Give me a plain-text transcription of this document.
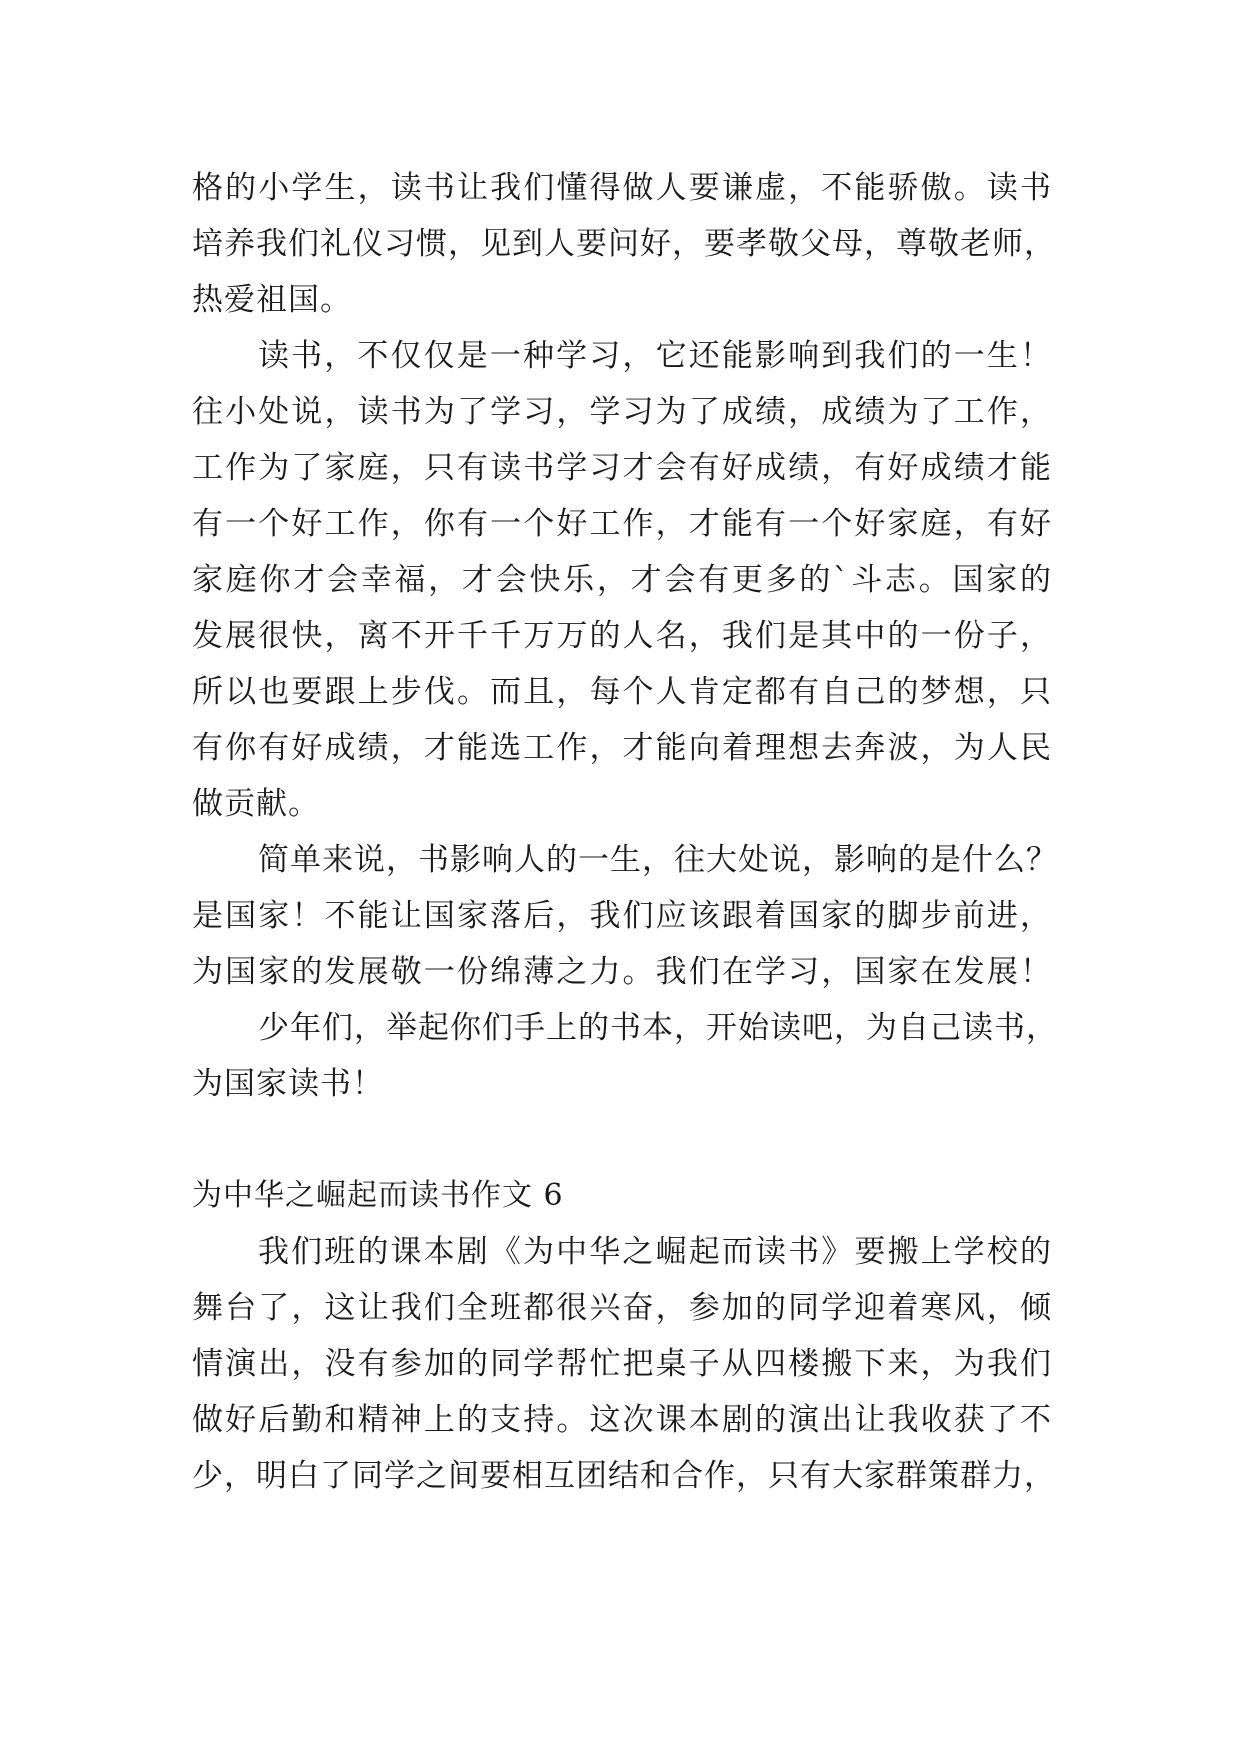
格的小学生，读书让我们懂得做人要谦虚，不能骄傲。读书
培养我们礼仪习惯，见到人要问好，要孝敬父母，尊敬老师，
热爱祖国。
读书，不仅仅是一种学习，它还能影响到我们的一生！
往小处说，读书为了学习，学习为了成绩，成绩为了工作，
工作为了家庭，只有读书学习才会有好成绩，有好成绩才能
有一个好工作，你有一个好工作，才能有一个好家庭，有好
家庭你才会幸福，才会快乐，才会有更多的`斗志。国家的
发展很快，离不开千千万万的人名，我们是其中的一份子，
所以也要跟上步伐。而且，每个人肯定都有自己的梦想，只
有你有好成绩，才能选工作，才能向着理想去奔波，为人民
做贡献。
简单来说，书影响人的一生，往大处说，影响的是什么？
是国家！不能让国家落后，我们应该跟着国家的脚步前进，
为国家的发展敬一份绵薄之力。我们在学习，国家在发展！
少年们，举起你们手上的书本，开始读吧，为自己读书，
为国家读书！
为中华之崛起而读书作文 6
我们班的课本剧《为中华之崛起而读书》要搬上学校的
舞台了，这让我们全班都很兴奋，参加的同学迎着寒风，倾
情演出，没有参加的同学帮忙把桌子从四楼搬下来，为我们
做好后勤和精神上的支持。这次课本剧的演出让我收获了不
少，明白了同学之间要相互团结和合作，只有大家群策群力，
